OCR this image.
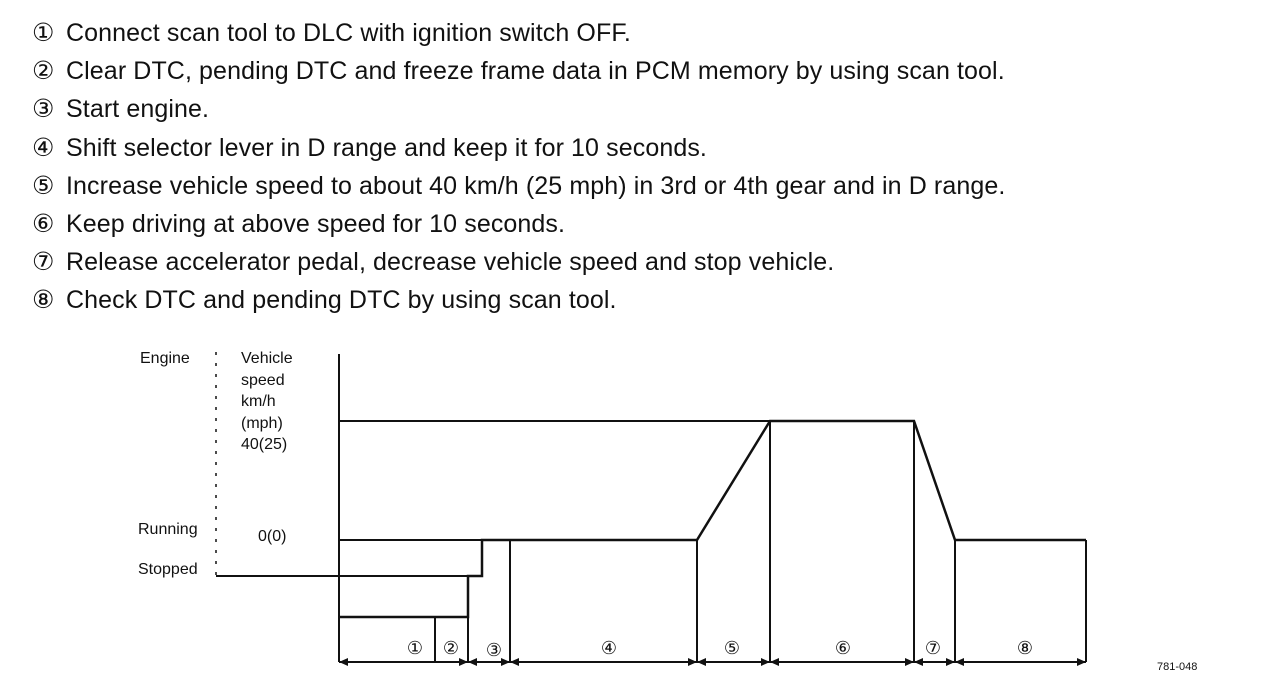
① Connect scan tool to DLC with ignition switch OFF.
② Clear DTC, pending DTC and freeze frame data in PCM memory by using scan tool.
③ Start engine.
④ Shift selector lever in D range and keep it for 10 seconds.
⑤ Increase vehicle speed to about 40 km/h (25 mph) in 3rd or 4th gear and in D range.
⑥ Keep driving at above speed for 10 seconds.
⑦ Release accelerator pedal, decrease vehicle speed and stop vehicle.
⑧ Check DTC and pending DTC by using scan tool.
Engine	Vehicle
speed
km/h
(mph)
40(25)
Running
Stopped
0(0)
① ② ③	④	⑤	⑥	⑦	⑧
781-048
